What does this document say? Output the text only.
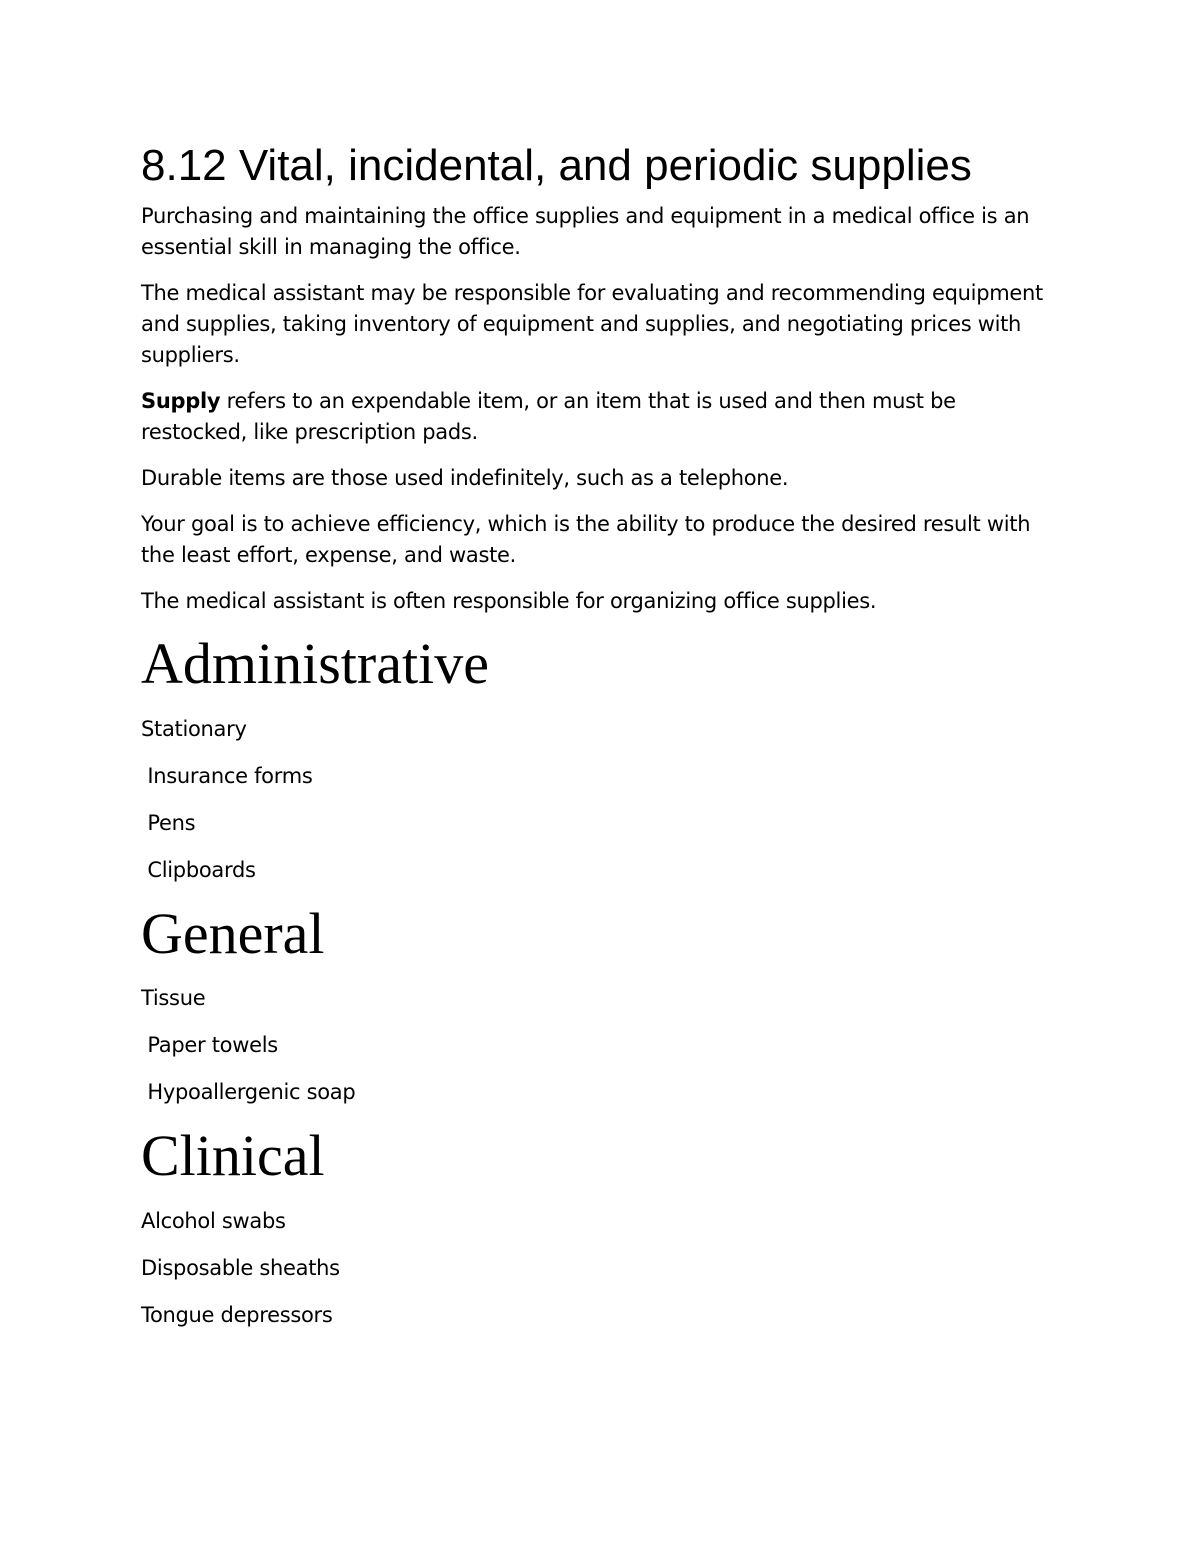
8.12 Vital, incidental, and periodic supplies

Purchasing and maintaining the office supplies and equipment in a medical office is an essential skill in managing the office.

The medical assistant may be responsible for evaluating and recommending equipment and supplies, taking inventory of equipment and supplies, and negotiating prices with suppliers.

Supply refers to an expendable item, or an item that is used and then must be restocked, like prescription pads.

Durable items are those used indefinitely, such as a telephone.

Your goal is to achieve efficiency, which is the ability to produce the desired result with the least effort, expense, and waste.

The medical assistant is often responsible for organizing office supplies.

Administrative

Stationary

Insurance forms

Pens

Clipboards

General

Tissue

Paper towels

Hypoallergenic soap

Clinical

Alcohol swabs

Disposable sheaths

Tongue depressors
